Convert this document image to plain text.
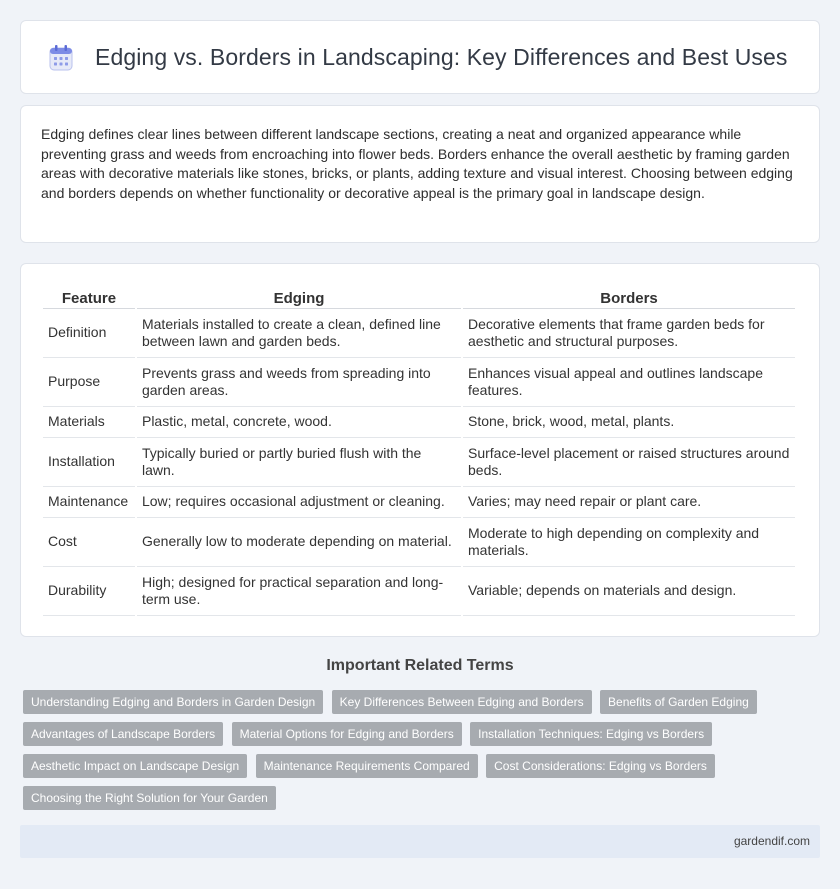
Edging vs. Borders in Landscaping: Key Differences and Best Uses

Edging defines clear lines between different landscape sections, creating a neat and organized appearance while preventing grass and weeds from encroaching into flower beds. Borders enhance the overall aesthetic by framing garden areas with decorative materials like stones, bricks, or plants, adding texture and visual interest. Choosing between edging and borders depends on whether functionality or decorative appeal is the primary goal in landscape design.

Feature	Edging	Borders
Definition	Materials installed to create a clean, defined line between lawn and garden beds.	Decorative elements that frame garden beds for aesthetic and structural purposes.
Purpose	Prevents grass and weeds from spreading into garden areas.	Enhances visual appeal and outlines landscape features.
Materials	Plastic, metal, concrete, wood.	Stone, brick, wood, metal, plants.
Installation	Typically buried or partly buried flush with the lawn.	Surface-level placement or raised structures around beds.
Maintenance	Low; requires occasional adjustment or cleaning.	Varies; may need repair or plant care.
Cost	Generally low to moderate depending on material.	Moderate to high depending on complexity and materials.
Durability	High; designed for practical separation and long-term use.	Variable; depends on materials and design.
Important Related Terms
Understanding Edging and Borders in Garden Design Key Differences Between Edging and Borders Benefits of Garden Edging Advantages of Landscape Borders Material Options for Edging and Borders Installation Techniques: Edging vs Borders Aesthetic Impact on Landscape Design Maintenance Requirements Compared Cost Considerations: Edging vs Borders Choosing the Right Solution for Your Garden
gardendif.com
